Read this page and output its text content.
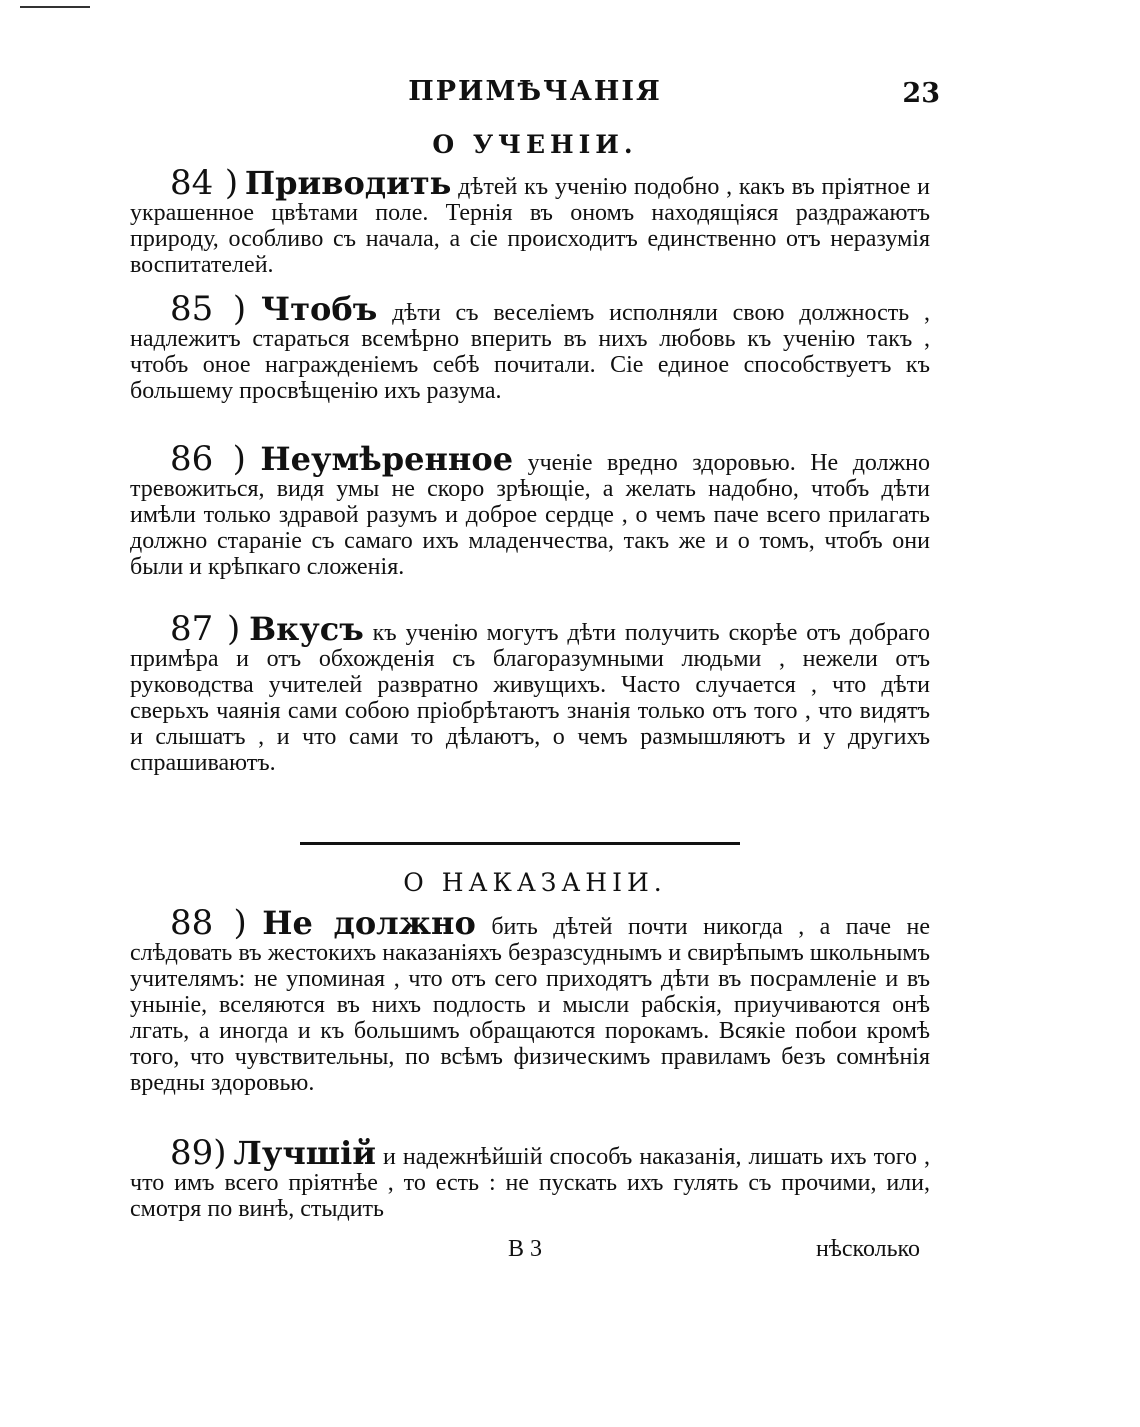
ПРИМѢЧАНІЯ	23
О УЧЕНІИ.

84 ) Приводить дѣтей къ ученію подобно , какъ въ пріятное и украшенное цвѣтами поле. Тернія въ ономъ находящіяся раздражаютъ природу, особливо съ начала, а сіе происходитъ единственно отъ неразумія воспитателей.

85 ) Чтобъ дѣти съ веселіемъ исполняли свою должность , надлежитъ стараться всемѣрно вперить въ нихъ любовь къ ученію такъ , чтобъ оное награжденіемъ себѣ почитали. Сіе единое способствуетъ къ большему просвѣщенію ихъ разума.

86 ) Неумѣренное ученіе вредно здоровью. Не должно тревожиться, видя умы не скоро зрѣющіе, а желать надобно, чтобъ дѣти имѣли только здравой разумъ и доброе сердце , о чемъ паче всего прилагать должно стараніе съ самаго ихъ младенчества, такъ же и о томъ, чтобъ они были и крѣпкаго сложенія.

87 ) Вкусъ къ ученію могутъ дѣти получить скорѣе отъ добраго примѣра и отъ обхожденія съ благоразумными людьми , нежели отъ руководства учителей развратно живущихъ. Часто случается , что дѣти сверьхъ чаянія сами собою пріобрѣтаютъ знанія только отъ того , что видятъ и слышатъ , и что сами то дѣлаютъ, о чемъ размышляютъ и у другихъ спрашиваютъ.

О НАКАЗАНІИ.

88 ) Не должно бить дѣтей почти никогда , а паче не слѣдовать въ жестокихъ наказаніяхъ безразсуднымъ и свирѣпымъ школьнымъ учителямъ: не упоминая , что отъ сего приходятъ дѣти въ посрамленіе и въ уныніе, вселяются въ нихъ подлость и мысли рабскія, приучиваются онѣ лгать, а иногда и къ большимъ обращаются порокамъ. Всякіе побои кромѣ того, что чувствительны, по всѣмъ физическимъ правиламъ безъ сомнѣнія вредны здоровью.

89) Лучшій и надежнѣйшій способъ наказанія, лишать ихъ того , что имъ всего пріятнѣе , то есть : не пускать ихъ гулять съ прочими, или, смотря по винѣ, стыдить

В 3	нѣсколько
